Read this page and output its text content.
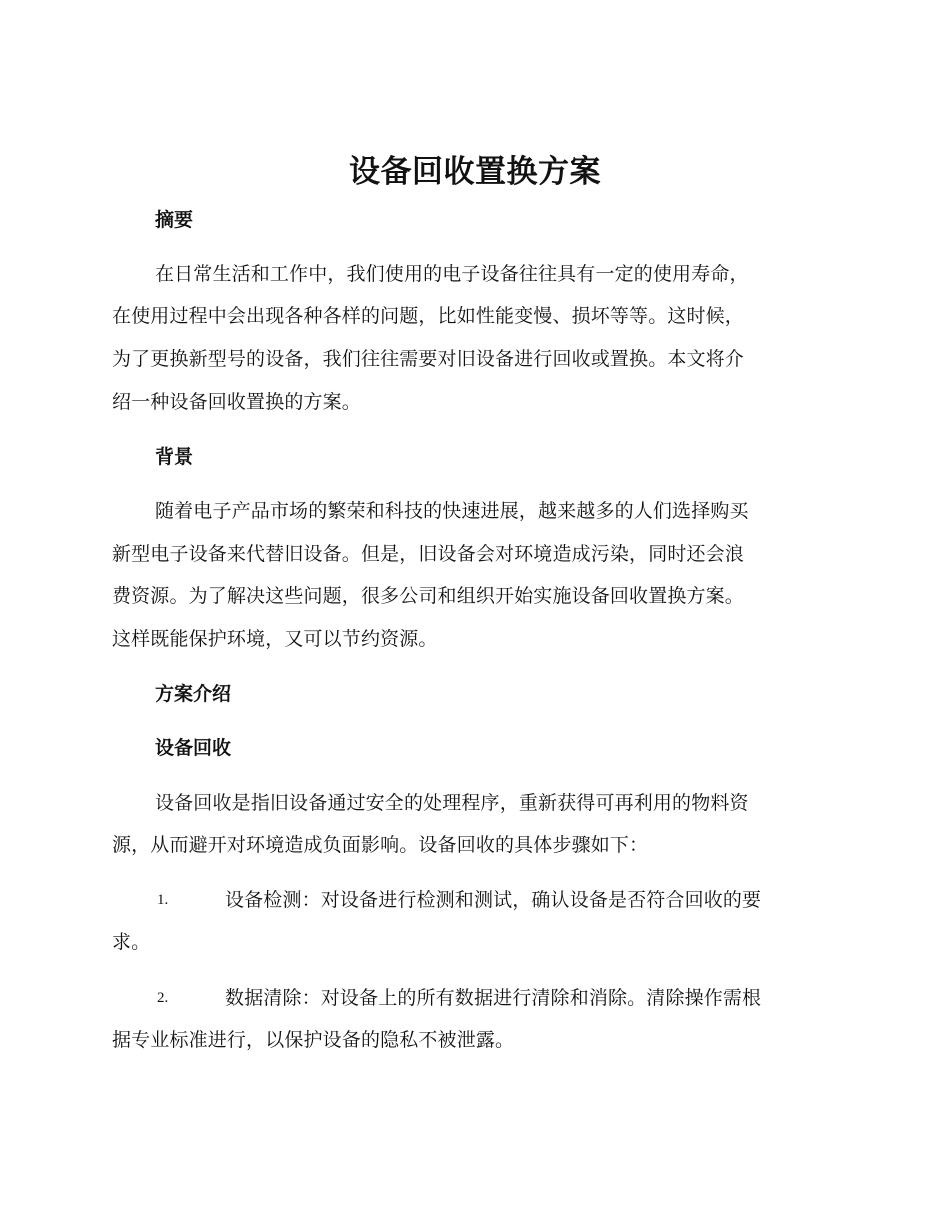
设备回收置换方案
摘要
在日常生活和工作中，我们使用的电子设备往往具有一定的使用寿命，
在使用过程中会出现各种各样的问题，比如性能变慢、损坏等等。这时候，
为了更换新型号的设备，我们往往需要对旧设备进行回收或置换。本文将介
绍一种设备回收置换的方案。
背景
随着电子产品市场的繁荣和科技的快速进展，越来越多的人们选择购买
新型电子设备来代替旧设备。但是，旧设备会对环境造成污染，同时还会浪
费资源。为了解决这些问题，很多公司和组织开始实施设备回收置换方案。
这样既能保护环境，又可以节约资源。
方案介绍
设备回收
设备回收是指旧设备通过安全的处理程序，重新获得可再利用的物料资
源，从而避开对环境造成负面影响。设备回收的具体步骤如下：
1.	设备检测：对设备进行检测和测试，确认设备是否符合回收的要
求。
2.	数据清除：对设备上的所有数据进行清除和消除。清除操作需根
据专业标准进行，以保护设备的隐私不被泄露。
